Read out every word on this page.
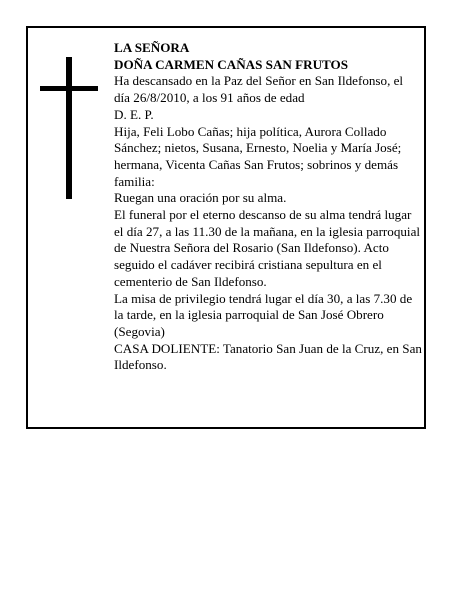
LA SEÑORA

DOÑA CARMEN CAÑAS SAN FRUTOS

Ha descansado en la Paz del Señor en San Ildefonso, el día 26/8/2010, a los 91 años de edad

D. E. P.

Hija, Feli Lobo Cañas; hija política, Aurora Collado Sánchez; nietos, Susana, Ernesto, Noelia y María José; hermana, Vicenta Cañas San Frutos; sobrinos y demás familia:

Ruegan una oración por su alma.

El funeral por el eterno descanso de su alma tendrá lugar el día 27, a las 11.30 de la mañana, en la iglesia parroquial de Nuestra Señora del Rosario (San Ildefonso). Acto seguido el cadáver recibirá cristiana sepultura en el cementerio de San Ildefonso.

La misa de privilegio tendrá lugar el día 30, a las 7.30 de la tarde, en la iglesia parroquial de San José Obrero (Segovia)

CASA DOLIENTE: Tanatorio San Juan de la Cruz, en San Ildefonso.
